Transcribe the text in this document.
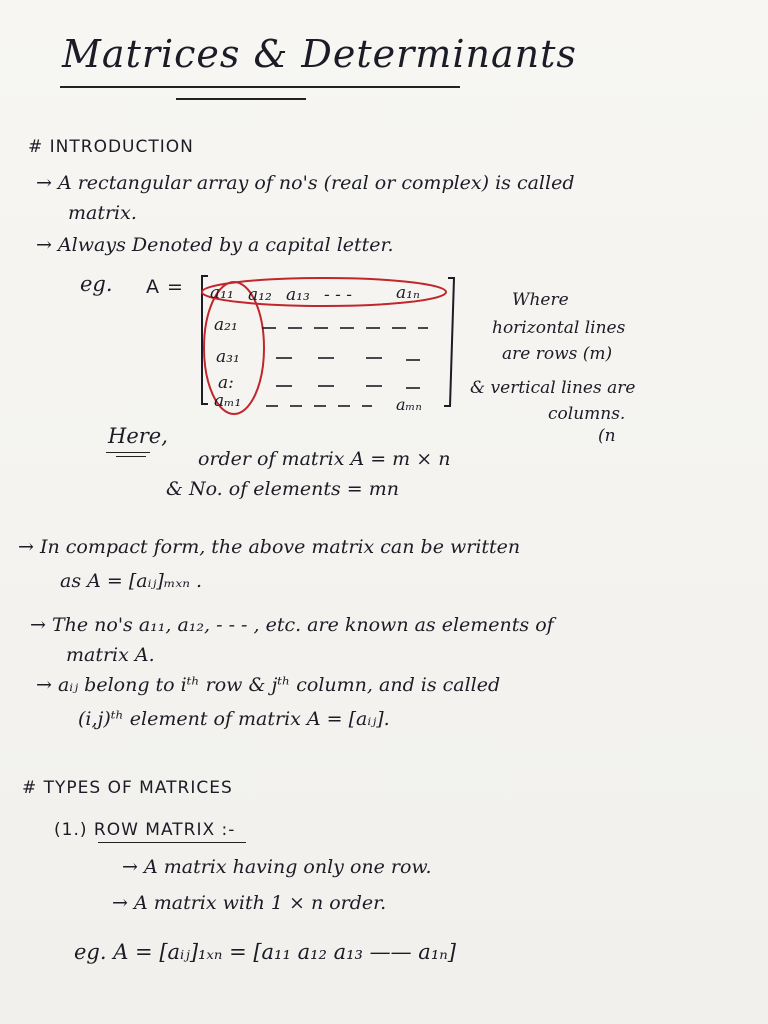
Matrices & Determinants
# INTRODUCTION
→ A rectangular array of no's (real or complex) is called
matrix.
→ Always Denoted by a capital letter.
eg. A = a₁₁ a₁₂ a₁₃ - - -	a₁ₙ
a₂₁
a₃₁
a:
aₘ₁	aₘₙ
Where
horizontal lines
are rows (m)
& vertical lines are
columns.
(n
Here,
order of matrix A = m × n
& No. of elements = mn
→ In compact form, the above matrix can be written
as A = [aᵢⱼ]ₘₓₙ .
→ The no's a₁₁, a₁₂, - - - , etc. are known as elements of
matrix A.
→ aᵢⱼ belong to iᵗʰ row & jᵗʰ column, and is called
(i,j)ᵗʰ element of matrix A = [aᵢⱼ].
# TYPES OF MATRICES
(1.) ROW MATRIX :-
→ A matrix having only one row.
→ A matrix with 1 × n order.
eg. A = [aᵢⱼ]₁ₓₙ = [a₁₁ a₁₂ a₁₃ —— a₁ₙ]
